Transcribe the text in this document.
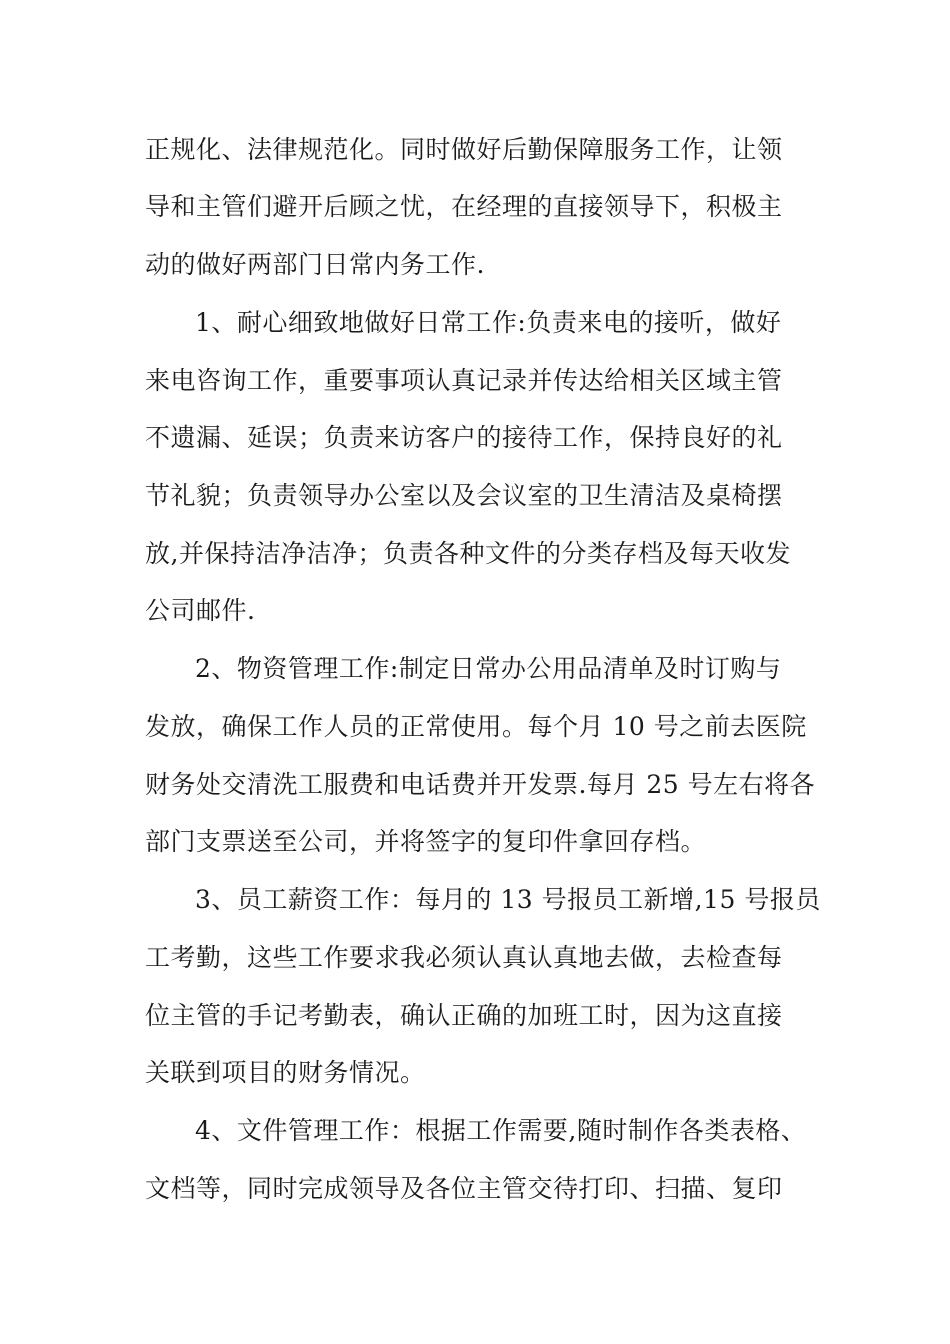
正规化、法律规范化。同时做好后勤保障服务工作，让领
导和主管们避开后顾之忧，在经理的直接领导下，积极主
动的做好两部门日常内务工作.
1、耐心细致地做好日常工作:负责来电的接听，做好
来电咨询工作，重要事项认真记录并传达给相关区域主管
不遗漏、延误；负责来访客户的接待工作，保持良好的礼
节礼貌；负责领导办公室以及会议室的卫生清洁及桌椅摆
放,并保持洁净洁净；负责各种文件的分类存档及每天收发
公司邮件.
2、物资管理工作:制定日常办公用品清单及时订购与
发放，确保工作人员的正常使用。每个月 10 号之前去医院
财务处交清洗工服费和电话费并开发票.每月 25 号左右将各
部门支票送至公司，并将签字的复印件拿回存档。
3、员工薪资工作：每月的 13 号报员工新增,15 号报员
工考勤，这些工作要求我必须认真认真地去做，去检查每
位主管的手记考勤表，确认正确的加班工时，因为这直接
关联到项目的财务情况。
4、文件管理工作：根据工作需要,随时制作各类表格、
文档等，同时完成领导及各位主管交待打印、扫描、复印
